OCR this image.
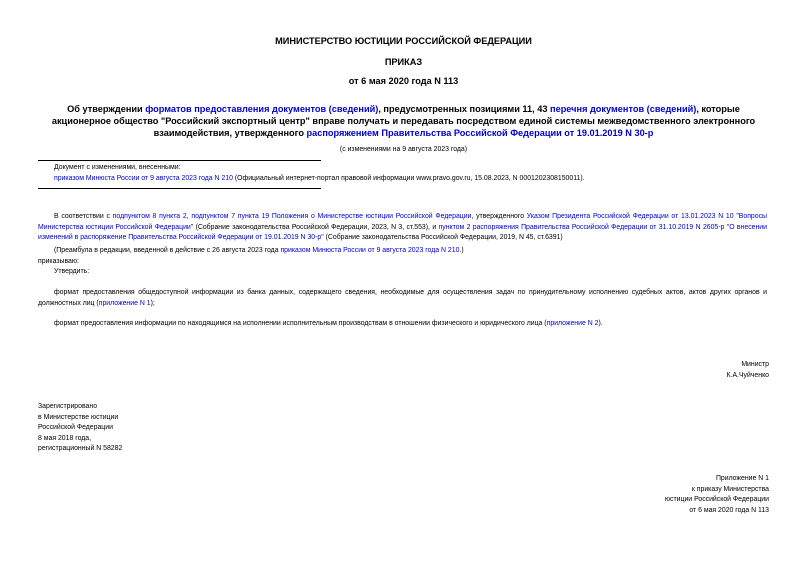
МИНИСТЕРСТВО ЮСТИЦИИ РОССИЙСКОЙ ФЕДЕРАЦИИ
ПРИКАЗ
от 6 мая 2020 года N 113
Об утверждении форматов предоставления документов (сведений), предусмотренных позициями 11, 43 перечня документов (сведений), которые акционерное общество "Российский экспортный центр" вправе получать и передавать посредством единой системы межведомственного электронного взаимодействия, утвержденного распоряжением Правительства Российской Федерации от 19.01.2019 N 30-р
(с изменениями на 9 августа 2023 года)
Документ с изменениями, внесенными:
приказом Минюста России от 9 августа 2023 года N 210 (Официальный интернет-портал правовой информации www.pravo.gov.ru, 15.08.2023, N 0001202308150011).
В соответствии с подпунктом 8 пункта 2, подпунктом 7 пункта 19 Положения о Министерстве юстиции Российской Федерации, утвержденного Указом Президента Российской Федерации от 13.01.2023 N 10 "Вопросы Министерства юстиции Российской Федерации" (Собрание законодательства Российской Федерации, 2023, N 3, ст.553), и пунктом 2 распоряжения Правительства Российской Федерации от 31.10.2019 N 2605-р "О внесении изменений в распоряжение Правительства Российской Федерации от 19.01.2019 N 30-р" (Собрание законодательства Российской Федерации, 2019, N 45, ст.6391)
(Преамбула в редакции, введенной в действие с 26 августа 2023 года приказом Минюста России от 9 августа 2023 года N 210.)
приказываю:
Утвердить:
формат предоставления общедоступной информации из банка данных, содержащего сведения, необходимые для осуществления задач по принудительному исполнению судебных актов, актов других органов и должностных лиц (приложение N 1);
формат предоставления информации по находящимся на исполнении исполнительным производствам в отношении физического и юридического лица (приложение N 2).
Министр
К.А.Чуйченко
Зарегистрировано
в Министерстве юстиции
Российской Федерации
8 мая 2018 года,
регистрационный N 58282
Приложение N 1
к приказу Министерства
юстиции Российской Федерации
от 6 мая 2020 года N 113
